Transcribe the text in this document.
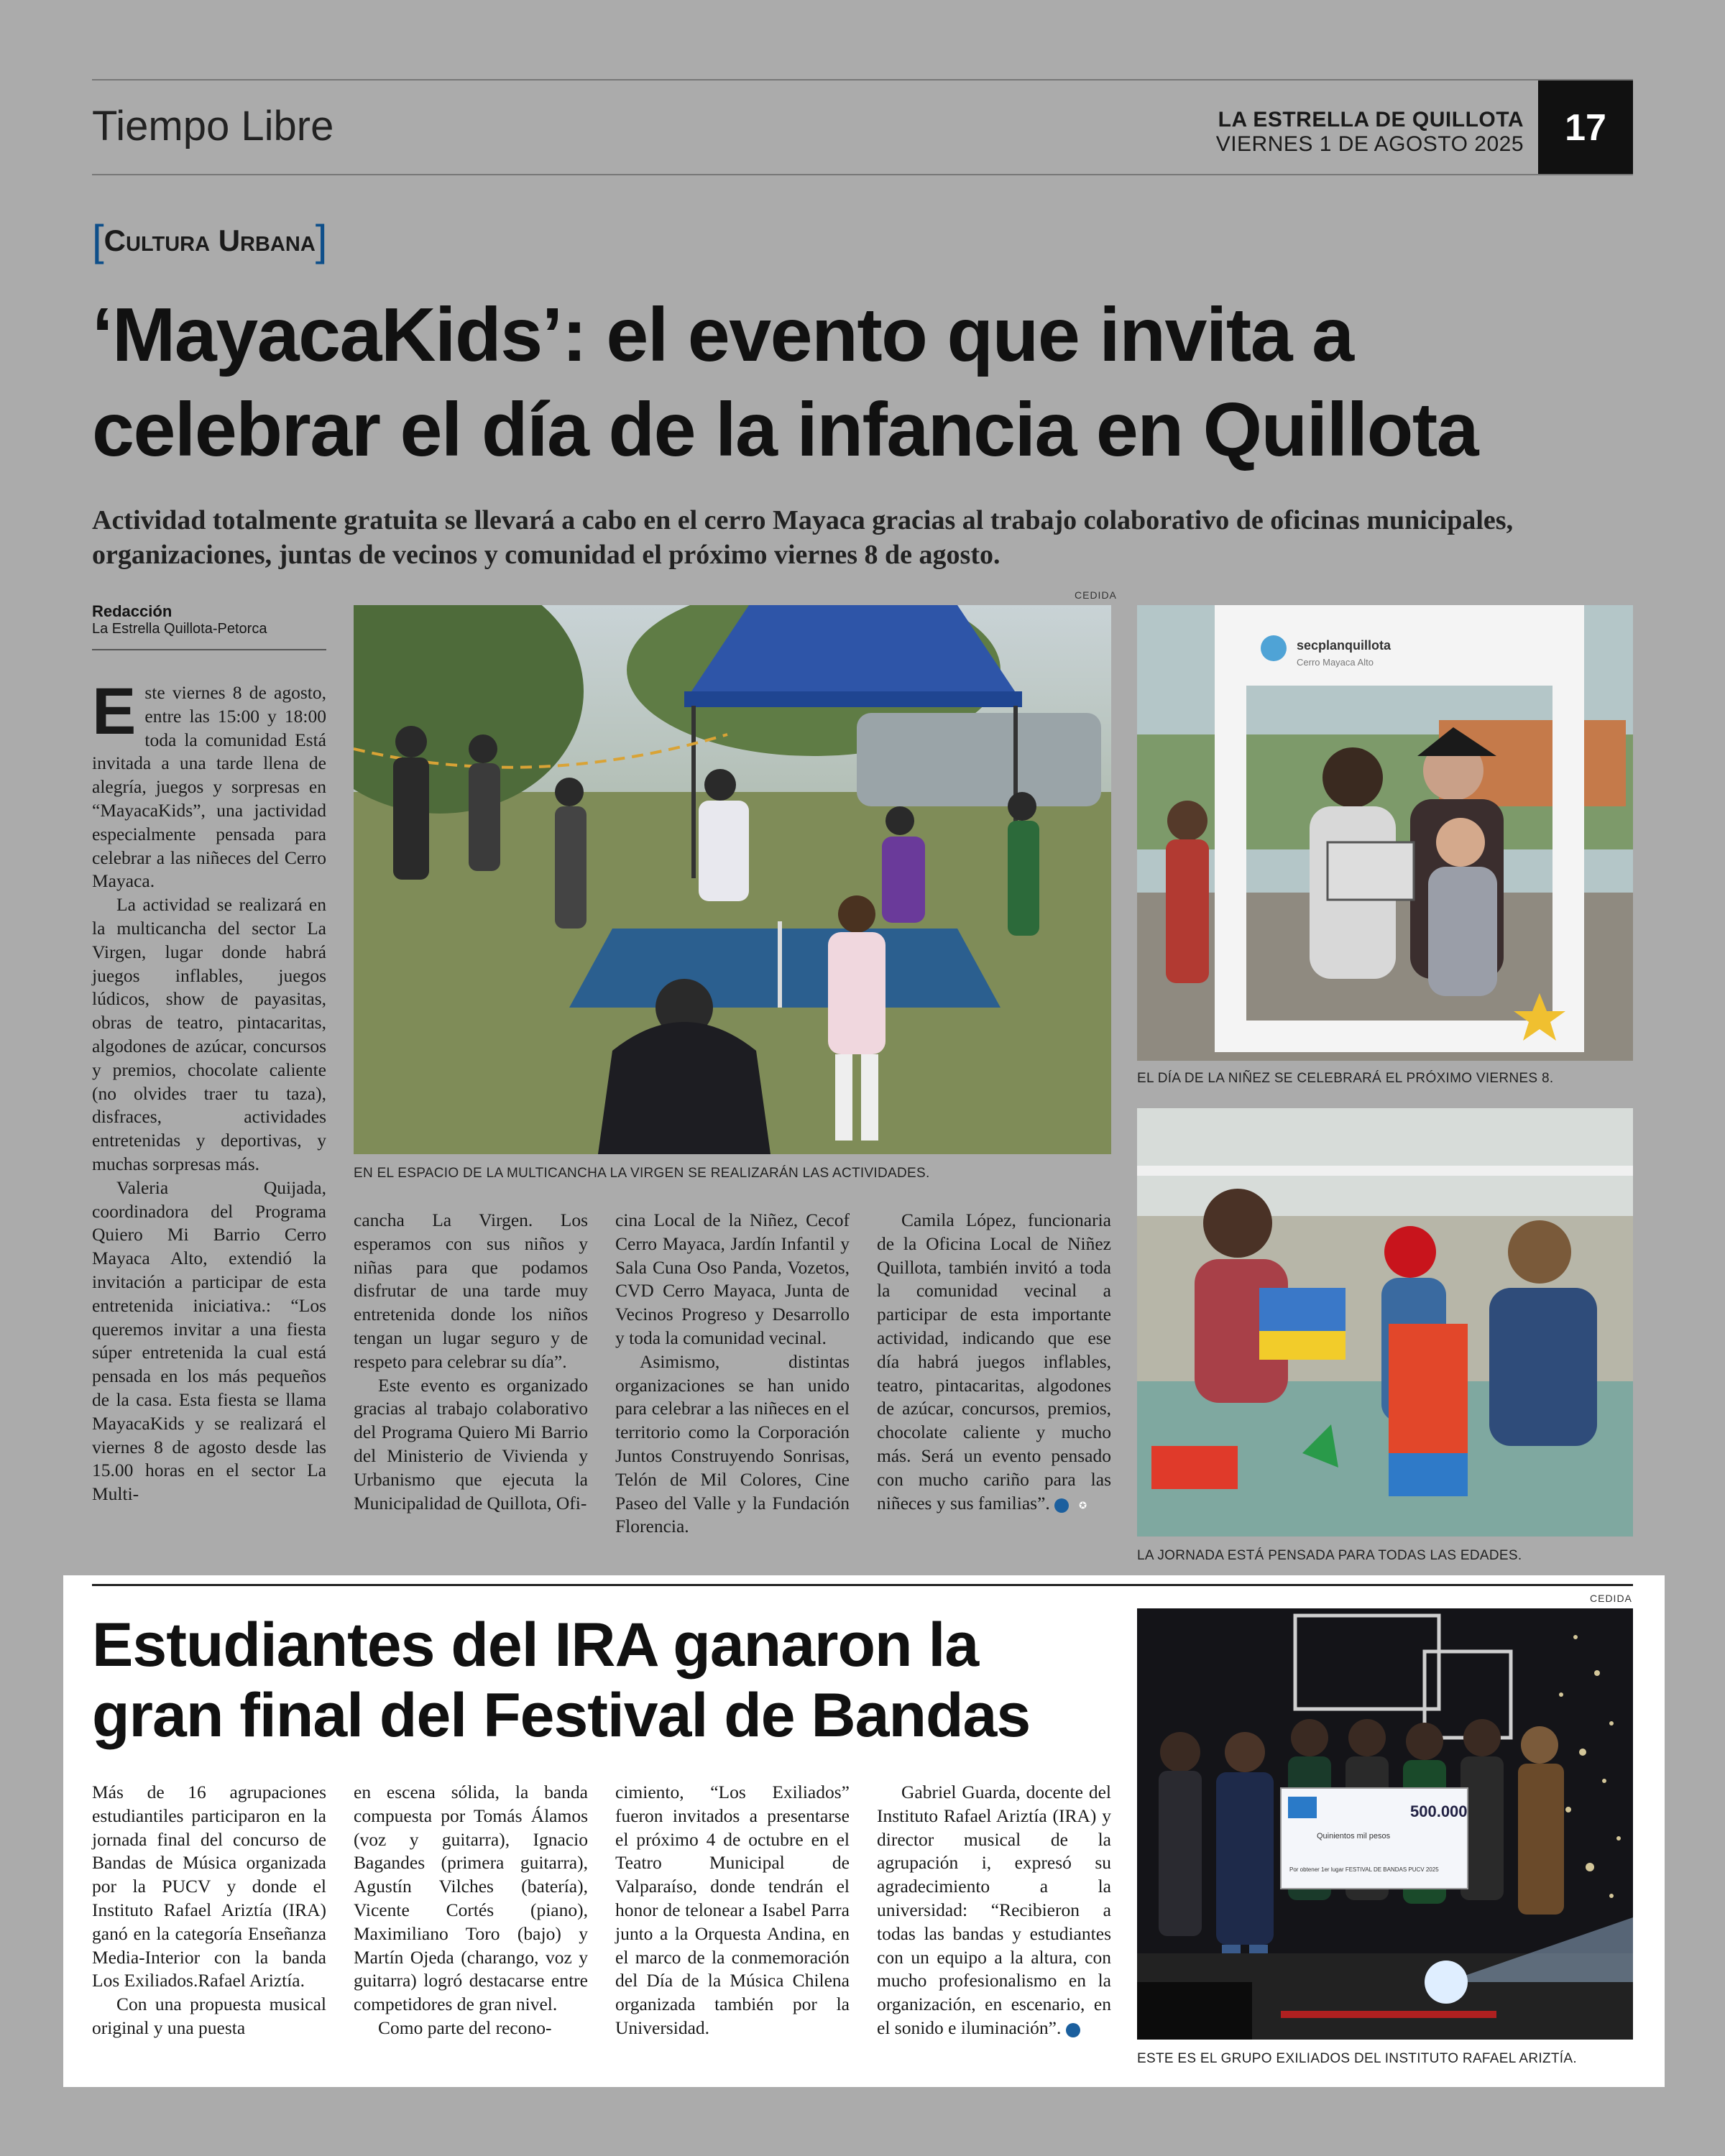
Tiempo Libre	LA ESTRELLA DE QUILLOTA
VIERNES 1 DE AGOSTO 2025	17
[Cultura Urbana]
‘MayacaKids’: el evento que invita a
celebrar el día de la infancia en Quillota
Actividad totalmente gratuita se llevará a cabo en el cerro Mayaca gracias al trabajo colaborativo de oficinas municipales, organizaciones, juntas de vecinos y comunidad el próximo viernes 8 de agosto.
Redacción
La Estrella Quillota-Petorca

Este viernes 8 de agosto, entre las 15:00 y 18:00 toda la comunidad Está invitada a una tarde llena de alegría, juegos y sorpresas en “MayacaKids”, una jactividad especialmente pensada para celebrar a las niñeces del Cerro Mayaca.

La actividad se realizará en la multicancha del sector La Virgen, lugar donde habrá juegos inflables, juegos lúdicos, show de payasitas, obras de teatro, pintacaritas, algodones de azúcar, concursos y premios, chocolate caliente (no olvides traer tu taza), disfraces, actividades entretenidas y deportivas, y muchas sorpresas más.

Valeria Quijada, coordinadora del Programa Quiero Mi Barrio Cerro Mayaca Alto, extendió la invitación a participar de esta entretenida iniciativa.: “Los queremos invitar a una fiesta súper entretenida la cual está pensada en los más pequeños de la casa. Esta fiesta se llama MayacaKids y se realizará el viernes 8 de agosto desde las 15.00 horas en el sector La Multi-

CEDIDA
EN EL ESPACIO DE LA MULTICANCHA LA VIRGEN SE REALIZARÁN LAS ACTIVIDADES.

cancha La Virgen. Los esperamos con sus niños y niñas para que podamos disfrutar de una tarde muy entretenida donde los niños tengan un lugar seguro y de respeto para celebrar su día”.

Este evento es organizado gracias al trabajo colaborativo del Programa Quiero Mi Barrio del Ministerio de Vivienda y Urbanismo que ejecuta la Municipalidad de Quillota, Ofi-

cina Local de la Niñez, Cecof Cerro Mayaca, Jardín Infantil y Sala Cuna Oso Panda, Vozetos, CVD Cerro Mayaca, Junta de Vecinos Progreso y Desarrollo y toda la comunidad vecinal.

Asimismo, distintas organizaciones se han unido para celebrar a las niñeces en el territorio como la Corporación Juntos Construyendo Sonrisas, Telón de Mil Colores, Cine Paseo del Valle y la Fundación Florencia.

Camila López, funcionaria de la Oficina Local de Niñez Quillota, también invitó a toda la comunidad vecinal a participar de esta importante actividad, indicando que ese día habrá juegos inflables, teatro, pintacaritas, algodones de azúcar, concursos, premios, chocolate caliente y mucho más. Será un evento pensado con mucho cariño para las niñeces y sus familias”.	✪

secplanquillota
Cerro Mayaca Alto
EL DÍA DE LA NIÑEZ SE CELEBRARÁ EL PRÓXIMO VIERNES 8.
LA JORNADA ESTÁ PENSADA PARA TODAS LAS EDADES.
Estudiantes del IRA ganaron la
gran final del Festival de Bandas

Más de 16 agrupaciones estudiantiles participaron en la jornada final del concurso de Bandas de Música organizada por la PUCV y donde el Instituto Rafael Ariztía (IRA) ganó en la categoría Enseñanza Media-Interior con la banda Los Exiliados.Rafael Ariztía.

Con una propuesta musical original y una puesta

en escena sólida, la banda compuesta por Tomás Álamos (voz y guitarra), Ignacio Bagandes (primera guitarra), Agustín Vilches (batería), Vicente Cortés (piano), Maximiliano Toro (bajo) y Martín Ojeda (charango, voz y guitarra) logró destacarse entre competidores de gran nivel.

Como parte del recono-

cimiento, “Los Exiliados” fueron invitados a presentarse el próximo 4 de octubre en el Teatro Municipal de Valparaíso, donde tendrán el honor de telonear a Isabel Parra junto a la Orquesta Andina, en el marco de la conmemoración del Día de la Música Chilena organizada también por la Universidad.

Gabriel Guarda, docente del Instituto Rafael Ariztía (IRA) y director musical de la agrupación i, expresó su agradecimiento a la universidad: “Recibieron a todas las bandas y estudiantes con un equipo a la altura, con mucho profesionalismo en la organización, en escenario, en el sonido e iluminación”.	✪

CEDIDA
500.000
Quinientos mil pesos
Por obtener 1er lugar FESTIVAL DE BANDAS PUCV 2025
ESTE ES EL GRUPO EXILIADOS DEL INSTITUTO RAFAEL ARIZTÍA.
